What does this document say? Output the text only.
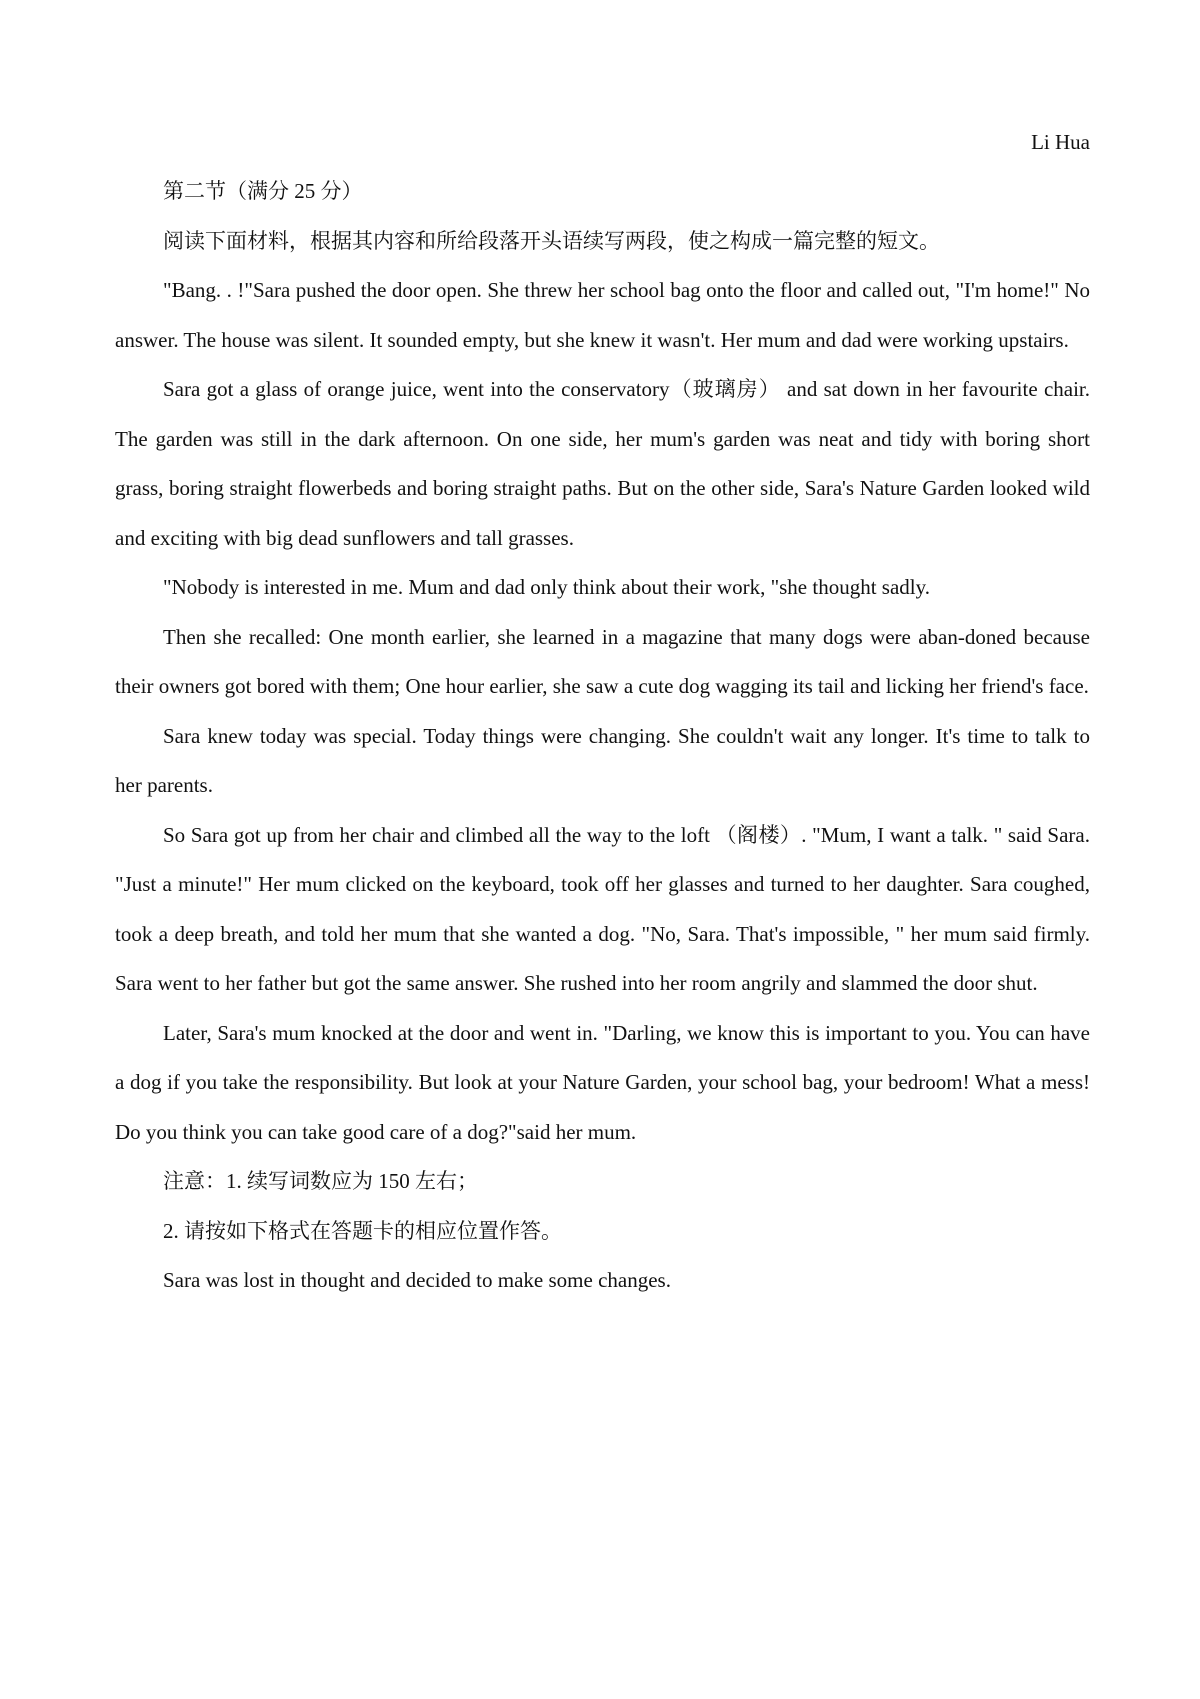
Li Hua

第二节（满分 25 分）

阅读下面材料，根据其内容和所给段落开头语续写两段，使之构成一篇完整的短文。

"Bang. . !"Sara pushed the door open. She threw her school bag onto the floor and called out, "I'm home!" No answer. The house was silent. It sounded empty, but she knew it wasn't. Her mum and dad were working upstairs.

Sara got a glass of orange juice, went into the conservatory（玻璃房） and sat down in her favourite chair. The garden was still in the dark afternoon. On one side, her mum's garden was neat and tidy with boring short grass, boring straight flowerbeds and boring straight paths. But on the other side, Sara's Nature Garden looked wild and exciting with big dead sunflowers and tall grasses.

"Nobody is interested in me. Mum and dad only think about their work, "she thought sadly.

Then she recalled: One month earlier, she learned in a magazine that many dogs were aban-doned because their owners got bored with them; One hour earlier, she saw a cute dog wagging its tail and licking her friend's face.

Sara knew today was special. Today things were changing. She couldn't wait any longer. It's time to talk to her parents.

So Sara got up from her chair and climbed all the way to the loft （阁楼）. "Mum, I want a talk. " said Sara. "Just a minute!" Her mum clicked on the keyboard, took off her glasses and turned to her daughter. Sara coughed, took a deep breath, and told her mum that she wanted a dog. "No, Sara. That's impossible, " her mum said firmly. Sara went to her father but got the same answer. She rushed into her room angrily and slammed the door shut.

Later, Sara's mum knocked at the door and went in. "Darling, we know this is important to you. You can have a dog if you take the responsibility. But look at your Nature Garden, your school bag, your bedroom! What a mess! Do you think you can take good care of a dog?"said her mum.

注意：1. 续写词数应为 150 左右；

2. 请按如下格式在答题卡的相应位置作答。

Sara was lost in thought and decided to make some changes.
